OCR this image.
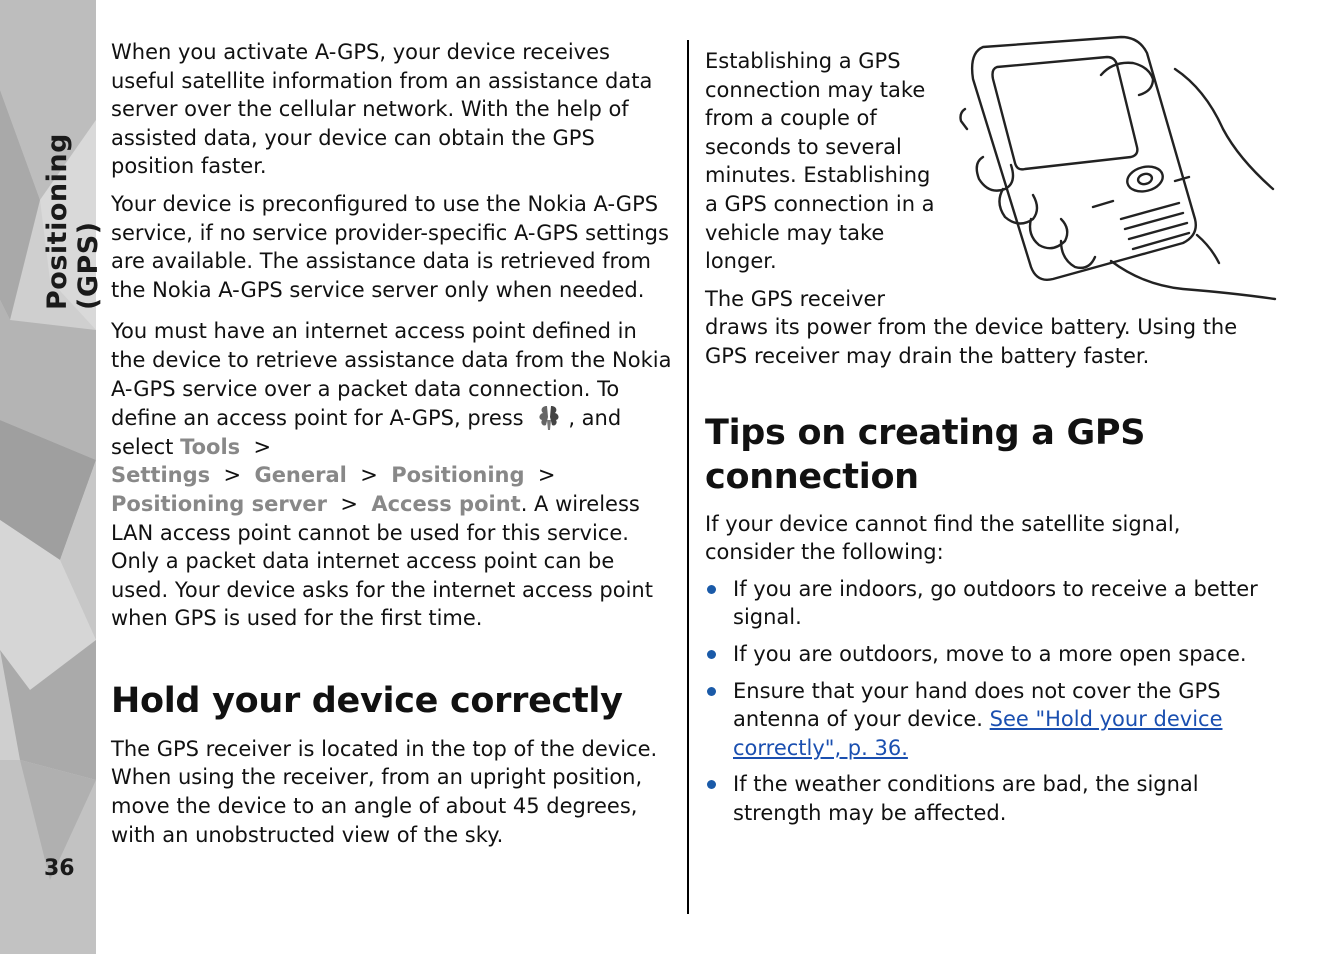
Positioning (GPS)
36

When you activate A-GPS, your device receives useful satellite information from an assistance data server over the cellular network. With the help of assisted data, your device can obtain the GPS position faster.

Your device is preconfigured to use the Nokia A-GPS service, if no service provider-specific A-GPS settings are available. The assistance data is retrieved from the Nokia A-GPS service server only when needed.

You must have an internet access point defined in the device to retrieve assistance data from the Nokia A-GPS service over a packet data connection. To define an access point for A-GPS, press , and select Tools >
Settings > General > Positioning >  Positioning server > Access point. A wireless LAN access point cannot be used for this service. Only a packet data internet access point can be used. Your device asks for the internet access point when GPS is used for the first time.

Hold your device correctly

The GPS receiver is located in the top of the device. When using the receiver, from an upright position, move the device to an angle of about 45 degrees, with an unobstructed view of the sky.

Establishing a GPS connection may take from a couple of seconds to several minutes. Establishing a GPS connection in a vehicle may take longer.

The GPS receiver draws its power from the device battery. Using the GPS receiver may drain the battery faster.

Tips on creating a GPS connection

If your device cannot find the satellite signal, consider the following:

If you are indoors, go outdoors to receive a better signal.
If you are outdoors, move to a more open space.
Ensure that your hand does not cover the GPS antenna of your device. See "Hold your device correctly", p. 36.
If the weather conditions are bad, the signal strength may be affected.
